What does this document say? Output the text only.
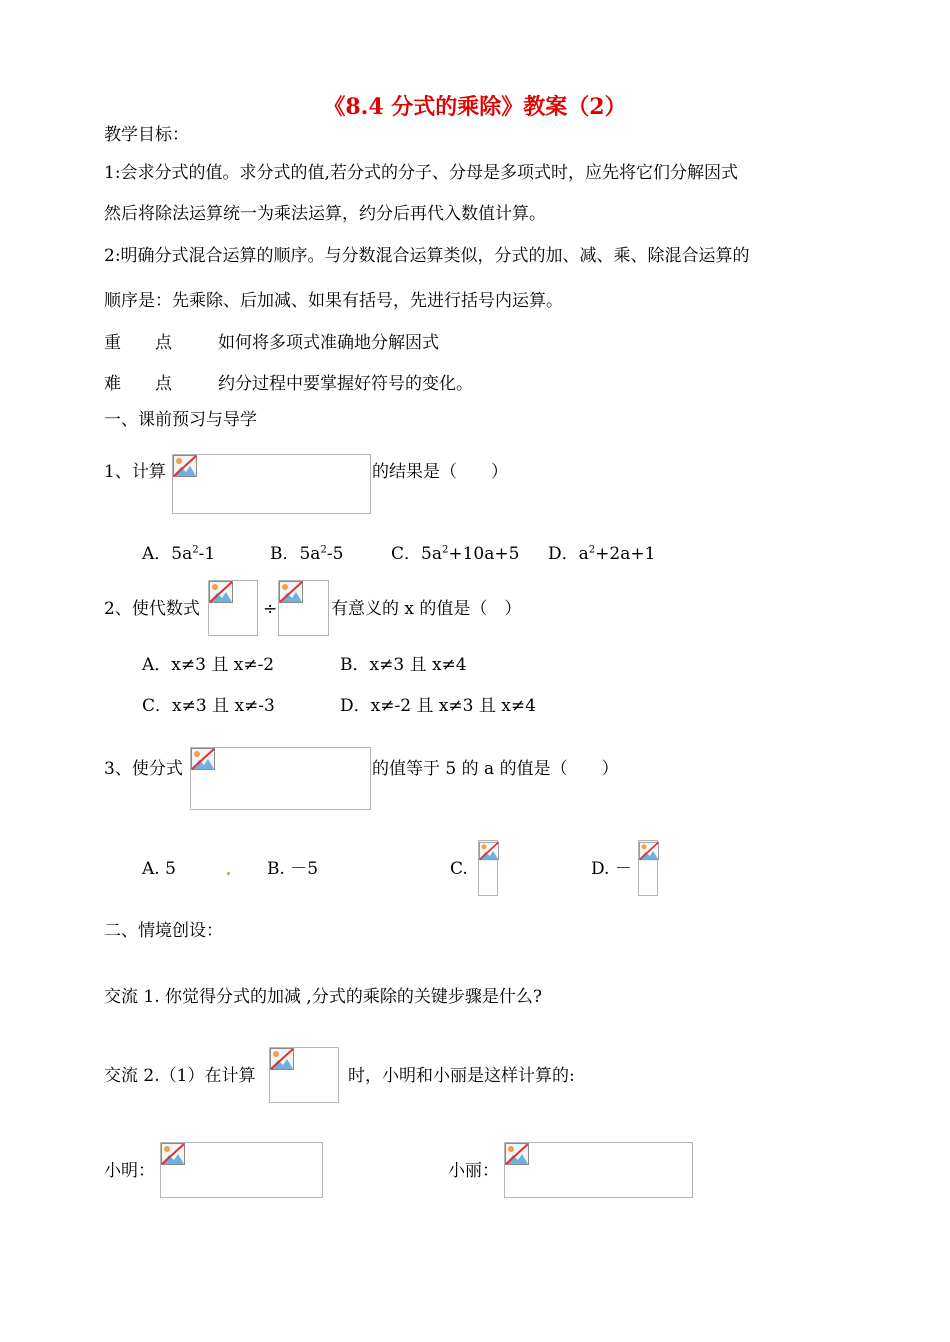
《8.4 分式的乘除》教案（2）
教学目标：
1:会求分式的值。求分式的值,若分式的分子、分母是多项式时，应先将它们分解因式
然后将除法运算统一为乘法运算，约分后再代入数值计算。
2:明确分式混合运算的顺序。与分数混合运算类似，分式的加、减、乘、除混合运算的
顺序是：先乘除、后加减、如果有括号，先进行括号内运算。
重　　点	如何将多项式准确地分解因式
难　　点	约分过程中要掌握好符号的变化。
一、课前预习与导学
1、计算	的结果是（　　）
A．$5a^2-1$	B．$5a^2-5$	C．$5a^2+10a+5$ D．$a^2+2a+1$
2、使代数式	÷	有意义的 x 的值是（　）
A．x≠3 且 x≠-2	B．x≠3 且 x≠4
C．x≠3 且 x≠-3	D．x≠-2 且 x≠3 且 x≠4
3、使分式	的值等于 5 的 a 的值是（　　）
A. 5	B. －5	C.	D. －
二、情境创设：
交流 1. 你觉得分式的加减 ,分式的乘除的关键步骤是什么?
交流 2.（1）在计算	时，小明和小丽是这样计算的:
小明：	小丽：
